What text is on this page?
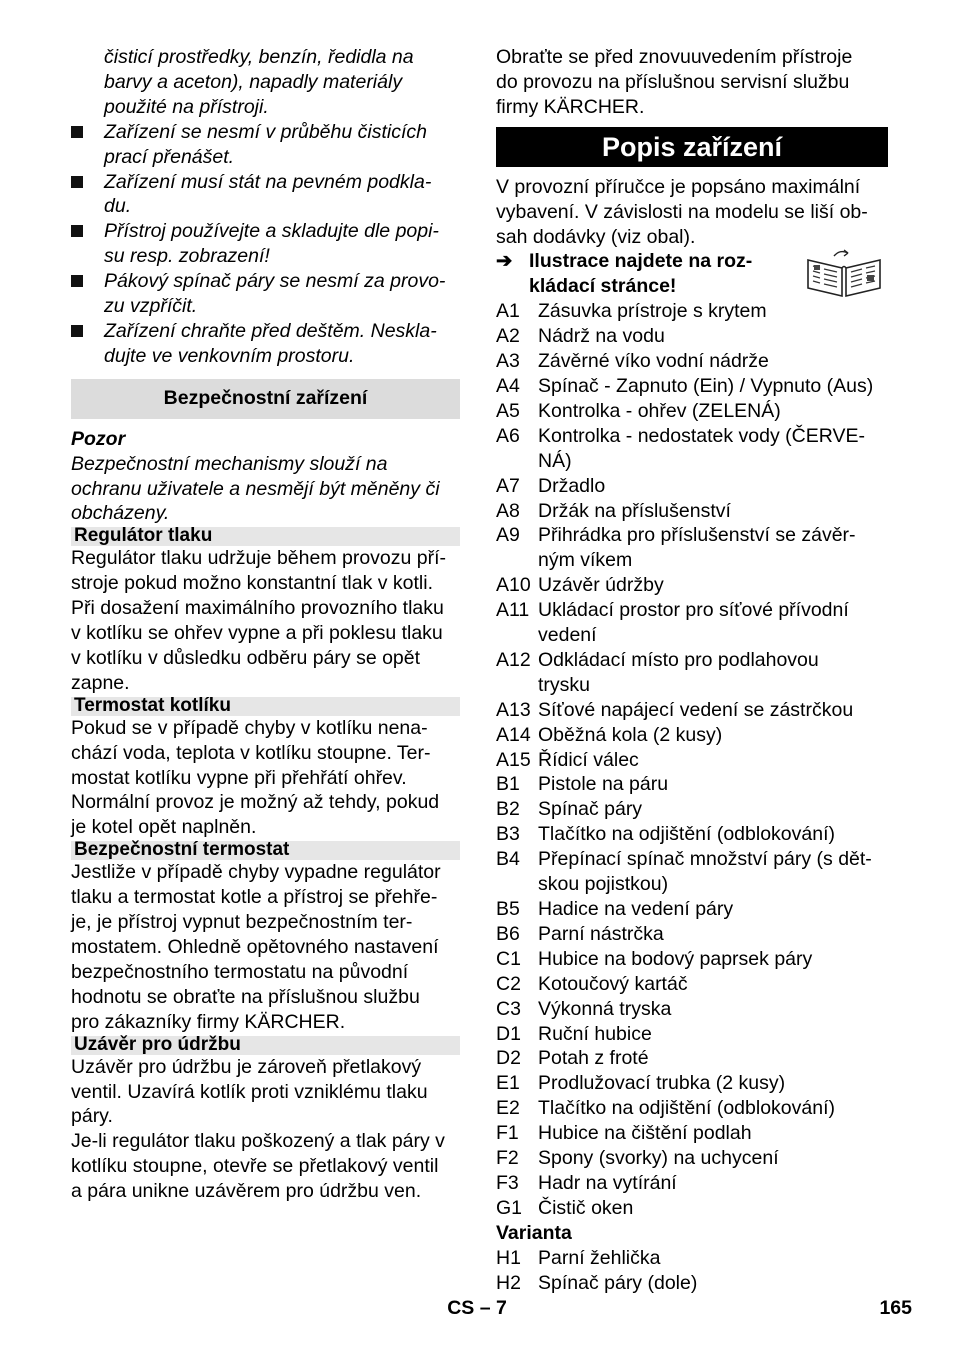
čisticí prostředky, benzín, ředidla na

barvy a aceton), napadly materiály

použité na přístroji.

Zařízení se nesmí v průběhu čisticích

prací přenášet.

Zařízení musí stát na pevném podkla-

du.

Přístroj používejte a skladujte dle popi-

su resp. zobrazení!

Pákový spínač páry se nesmí za provo-

zu vzpříčit.

Zařízení chraňte před deštěm. Neskla-

dujte ve venkovním prostoru.

Bezpečnostní zařízení

Pozor

Bezpečnostní mechanismy slouží na

ochranu uživatele a nesmějí být měněny či

obcházeny.

Regulátor tlaku

Regulátor tlaku udržuje během provozu pří-

stroje pokud možno konstantní tlak v kotli.

Při dosažení maximálního provozního tlaku

v kotlíku se ohřev vypne a při poklesu tlaku

v kotlíku v důsledku odběru páry se opět

zapne.

Termostat kotlíku

Pokud se v případě chyby v kotlíku nena-

chází voda, teplota v kotlíku stoupne. Ter-

mostat kotlíku vypne při přehřátí ohřev.

Normální provoz je možný až tehdy, pokud

je kotel opět naplněn.

Bezpečnostní termostat

Jestliže v případě chyby vypadne regulátor

tlaku a termostat kotle a přístroj se přehře-

je, je přístroj vypnut bezpečnostním ter-

mostatem. Ohledně opětovného nastavení

bezpečnostního termostatu na původní

hodnotu se obraťte na příslušnou službu

pro zákazníky firmy KÄRCHER.

Uzávěr pro údržbu

Uzávěr pro údržbu je zároveň přetlakový

ventil. Uzavírá kotlík proti vzniklému tlaku

páry.

Je-li regulátor tlaku poškozený a tlak páry v

kotlíku stoupne, otevře se přetlakový ventil

a pára unikne uzávěrem pro údržbu ven.

Obraťte se před znovuuvedením přístroje

do provozu na příslušnou servisní službu

firmy KÄRCHER.

Popis zařízení

V provozní příručce je popsáno maximální

vybavení. V závislosti na modelu se liší ob-

sah dodávky (viz obal).

➔ Ilustrace najdete na roz-

kládací stránce!

A1 Zásuvka prístroje s krytem

A2 Nádrž na vodu

A3 Závěrné víko vodní nádrže

A4 Spínač - Zapnuto (Ein) / Vypnuto (Aus)

A5 Kontrolka - ohřev (ZELENÁ)

A6 Kontrolka - nedostatek vody (ČERVE-

NÁ)

A7 Držadlo

A8 Držák na příslušenství

A9 Přihrádka pro příslušenství se závěr-

ným víkem

A10 Uzávěr údržby

A11 Ukládací prostor pro síťové přívodní

vedení

A12 Odkládací místo pro podlahovou

trysku

A13 Síťové napájecí vedení se zástrčkou

A14 Oběžná kola (2 kusy)

A15 Řídicí válec

B1 Pistole na páru

B2 Spínač páry

B3 Tlačítko na odjištění (odblokování)

B4 Přepínací spínač množství páry (s dět-

skou pojistkou)

B5 Hadice na vedení páry

B6 Parní nástrčka

C1 Hubice na bodový paprsek páry

C2 Kotoučový kartáč

C3 Výkonná tryska

D1 Ruční hubice

D2 Potah z froté

E1 Prodlužovací trubka (2 kusy)

E2 Tlačítko na odjištění (odblokování)

F1 Hubice na čištění podlah

F2 Spony (svorky) na uchycení

F3 Hadr na vytírání

G1 Čistič oken

Varianta

H1 Parní žehlička

H2 Spínač páry (dole)

CS – 7	165
